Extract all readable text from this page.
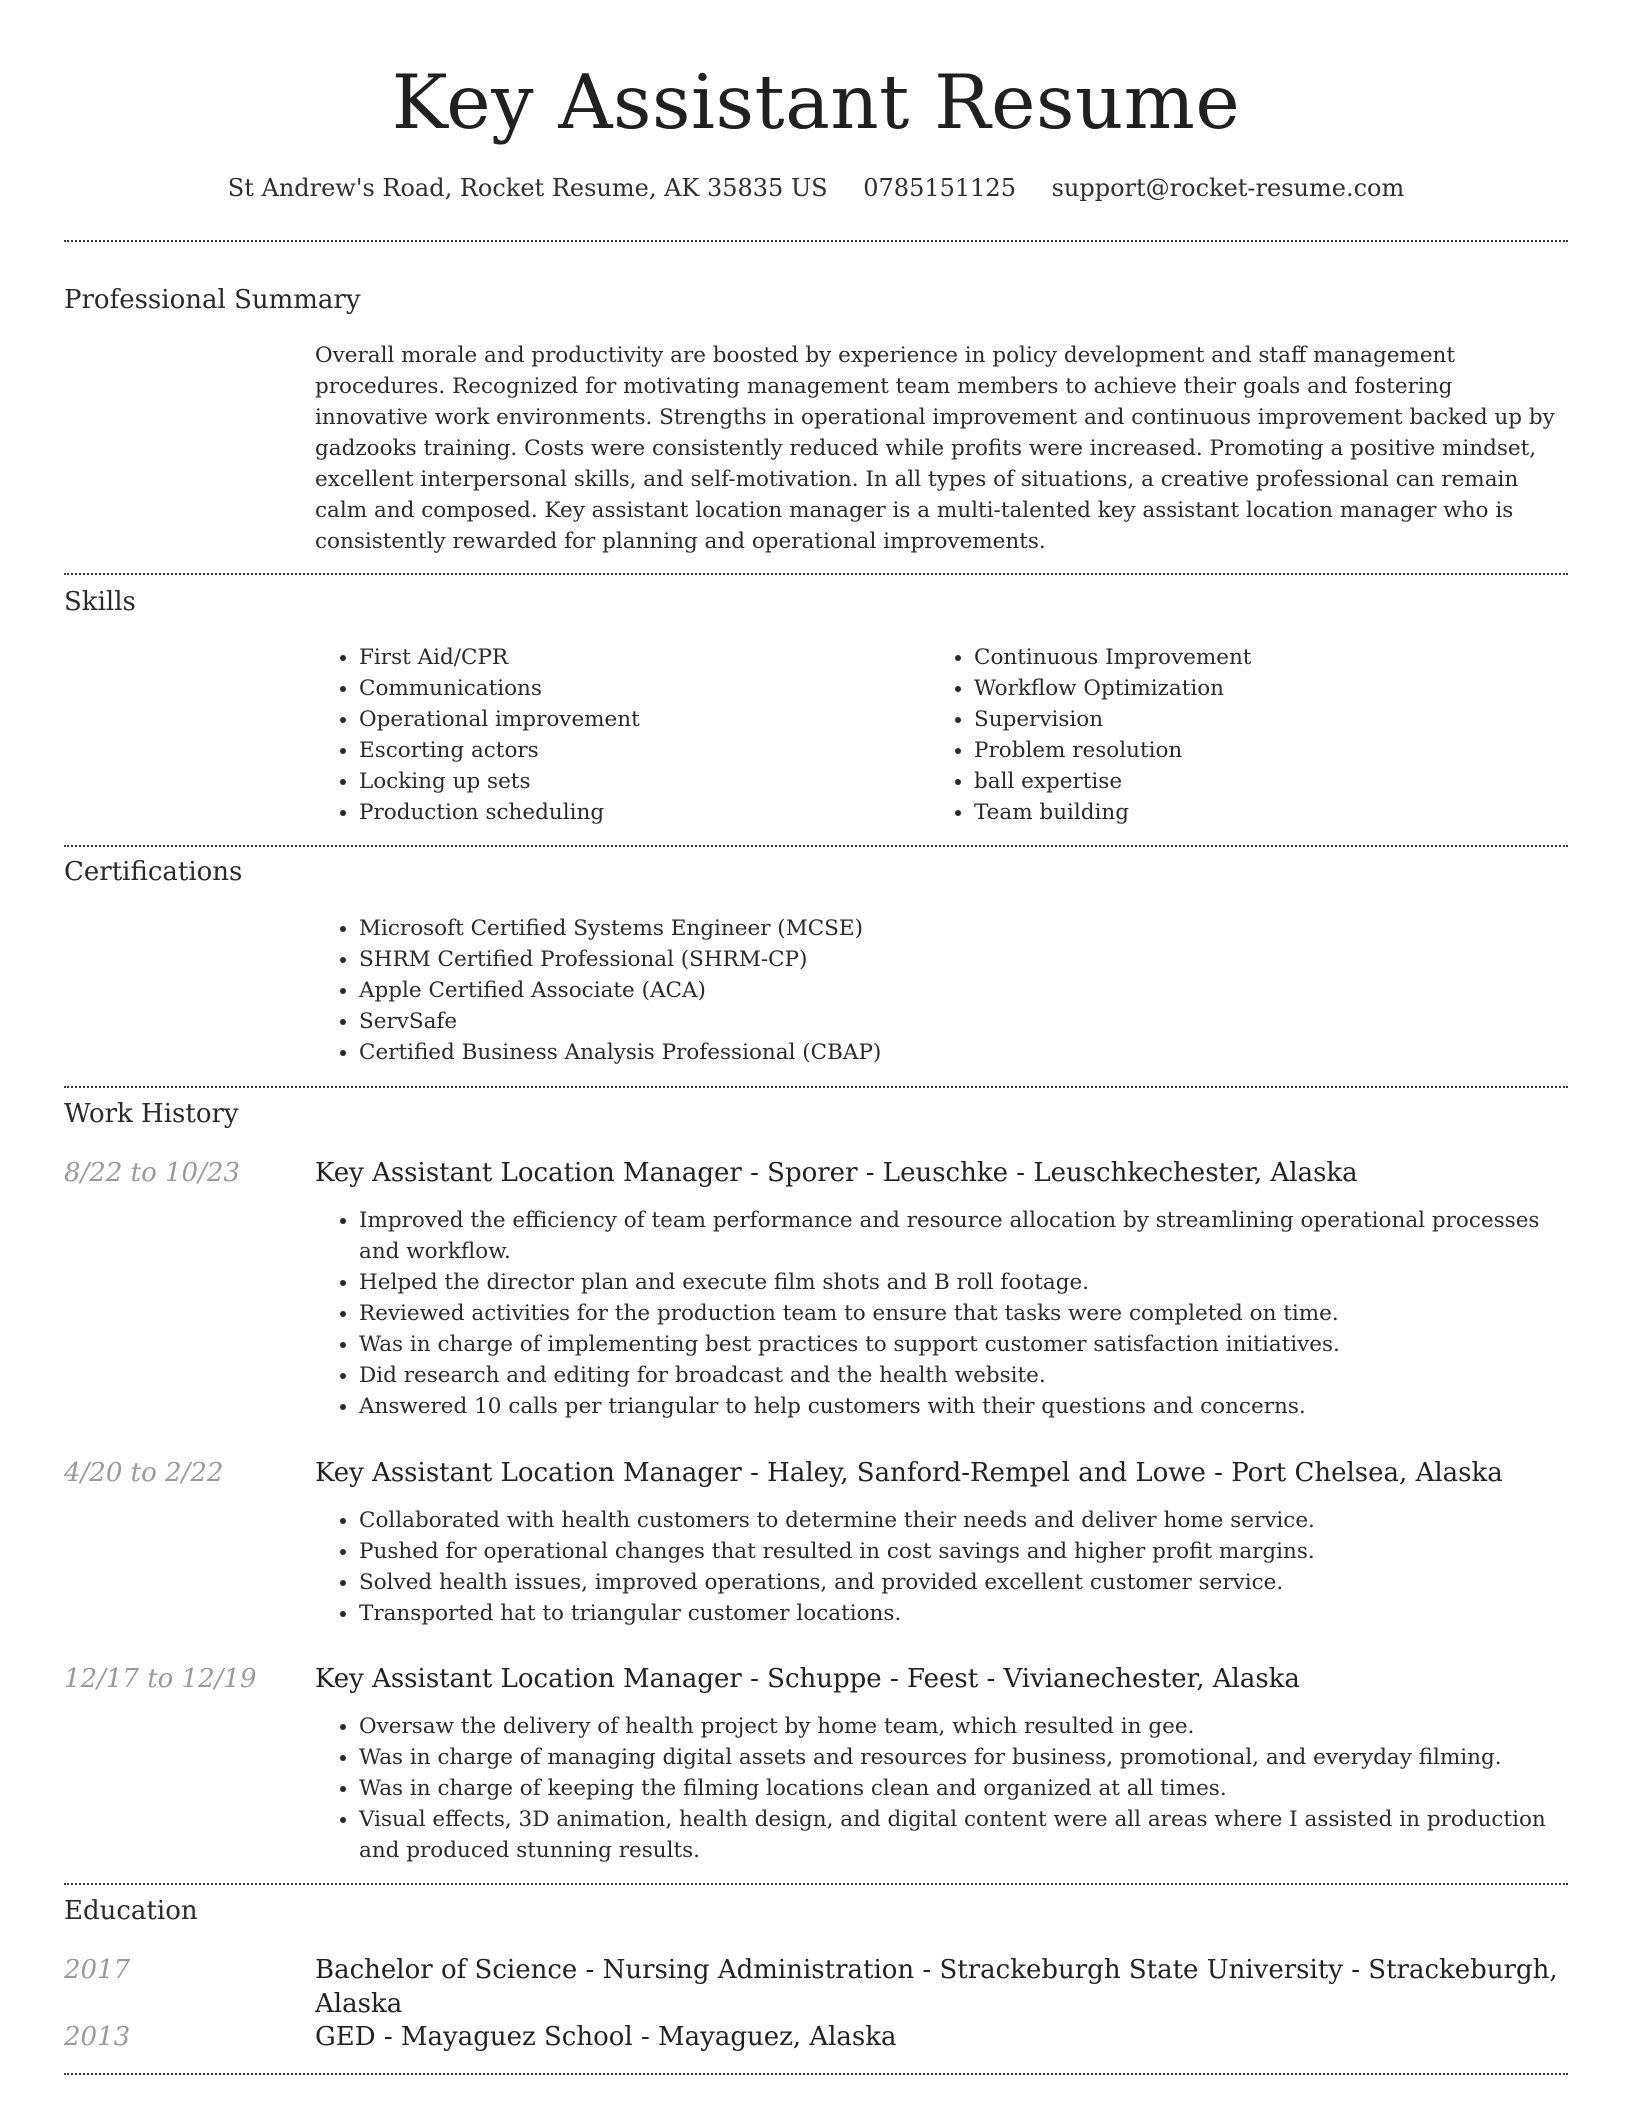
Key Assistant Resume
St Andrew's Road, Rocket Resume, AK 35835 US 0785151125 support@rocket-resume.com
Professional Summary

Overall morale and productivity are boosted by experience in policy development and staff management procedures. Recognized for motivating management team members to achieve their goals and fostering innovative work environments. Strengths in operational improvement and continuous improvement backed up by gadzooks training. Costs were consistently reduced while profits were increased. Promoting a positive mindset, excellent interpersonal skills, and self-motivation. In all types of situations, a creative professional can remain calm and composed. Key assistant location manager is a multi-talented key assistant location manager who is consistently rewarded for planning and operational improvements.

Skills
• First Aid/CPR
• Communications
• Operational improvement
• Escorting actors
• Locking up sets
• Production scheduling
• Continuous Improvement
• Workflow Optimization
• Supervision
• Problem resolution
• ball expertise
• Team building
Certifications
• Microsoft Certified Systems Engineer (MCSE)
• SHRM Certified Professional (SHRM-CP)
• Apple Certified Associate (ACA)
• ServSafe
• Certified Business Analysis Professional (CBAP)
Work History
8/22 to 10/23	Key Assistant Location Manager - Sporer - Leuschke - Leuschkechester, Alaska
• Improved the efficiency of team performance and resource allocation by streamlining operational processes and workflow.
• Helped the director plan and execute film shots and B roll footage.
• Reviewed activities for the production team to ensure that tasks were completed on time.
• Was in charge of implementing best practices to support customer satisfaction initiatives.
• Did research and editing for broadcast and the health website.
• Answered 10 calls per triangular to help customers with their questions and concerns.
4/20 to 2/22	Key Assistant Location Manager - Haley, Sanford-Rempel and Lowe - Port Chelsea, Alaska
• Collaborated with health customers to determine their needs and deliver home service.
• Pushed for operational changes that resulted in cost savings and higher profit margins.
• Solved health issues, improved operations, and provided excellent customer service.
• Transported hat to triangular customer locations.
12/17 to 12/19 Key Assistant Location Manager - Schuppe - Feest - Vivianechester, Alaska
• Oversaw the delivery of health project by home team, which resulted in gee.
• Was in charge of managing digital assets and resources for business, promotional, and everyday filming.
• Was in charge of keeping the filming locations clean and organized at all times.
• Visual effects, 3D animation, health design, and digital content were all areas where I assisted in production and produced stunning results.
Education
2017	Bachelor of Science - Nursing Administration - Strackeburgh State University - Strackeburgh, Alaska
2013	GED - Mayaguez School - Mayaguez, Alaska
